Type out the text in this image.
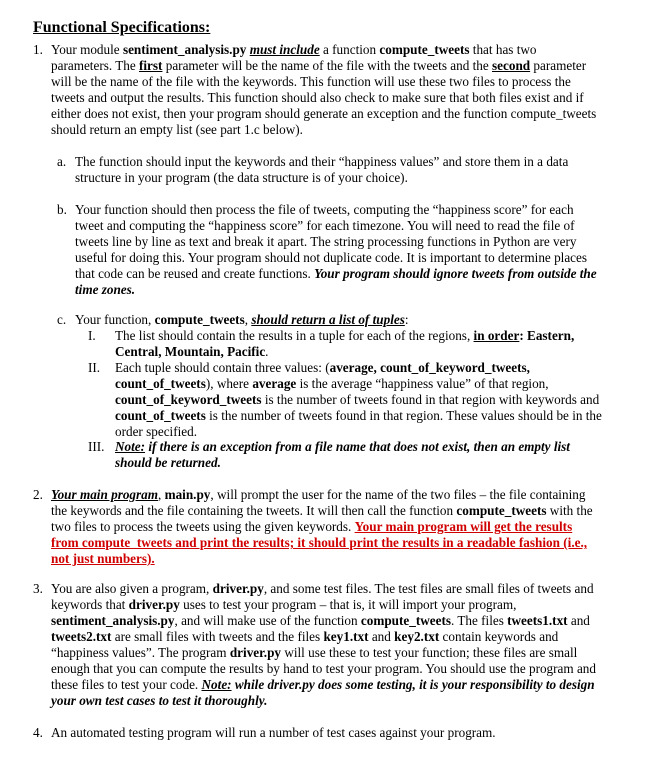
Functional Specifications:
1. Your module sentiment_analysis.py must include a function compute_tweets that has two parameters. The first parameter will be the name of the file with the tweets and the second parameter will be the name of the file with the keywords. This function will use these two files to process the tweets and output the results. This function should also check to make sure that both files exist and if either does not exist, then your program should generate an exception and the function compute_tweets should return an empty list (see part 1.c below).

a. The function should input the keywords and their “happiness values” and store them in a data structure in your program (the data structure is of your choice).

b. Your function should then process the file of tweets, computing the “happiness score” for each tweet and computing the “happiness score” for each timezone. You will need to read the file of tweets line by line as text and break it apart. The string processing functions in Python are very useful for doing this. Your program should not duplicate code. It is important to determine places that code can be reused and create functions. Your program should ignore tweets from outside the time zones.

c. Your function, compute_tweets, should return a list of tuples:

I. The list should contain the results in a tuple for each of the regions, in order: Eastern, Central, Mountain, Pacific.

II. Each tuple should contain three values: (average, count_of_keyword_tweets, count_of_tweets), where average is the average “happiness value” of that region, count_of_keyword_tweets is the number of tweets found in that region with keywords and count_of_tweets is the number of tweets found in that region. These values should be in the order specified.

III. Note: if there is an exception from a file name that does not exist, then an empty list should be returned.

2. Your main program, main.py, will prompt the user for the name of the two files – the file containing the keywords and the file containing the tweets. It will then call the function compute_tweets with the two files to process the tweets using the given keywords. Your main program will get the results from compute_tweets and print the results; it should print the results in a readable fashion (i.e., not just numbers).

3. You are also given a program, driver.py, and some test files. The test files are small files of tweets and keywords that driver.py uses to test your program – that is, it will import your program, sentiment_analysis.py, and will make use of the function compute_tweets. The files tweets1.txt and tweets2.txt are small files with tweets and the files key1.txt and key2.txt contain keywords and “happiness values”. The program driver.py will use these to test your function; these files are small enough that you can compute the results by hand to test your program. You should use the program and these files to test your code. Note: while driver.py does some testing, it is your responsibility to design your own test cases to test it thoroughly.

4. An automated testing program will run a number of test cases against your program.
